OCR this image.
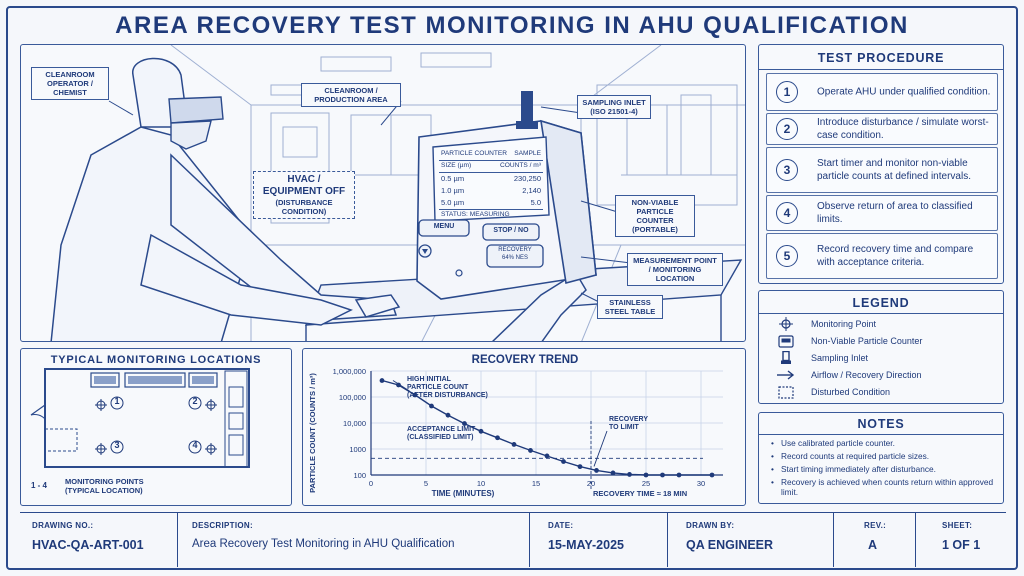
AREA RECOVERY TEST MONITORING IN AHU QUALIFICATION
CLEANROOM OPERATOR / CHEMIST	CLEANROOM / PRODUCTION AREA
HVAC / EQUIPMENT OFF
(DISTURBANCE CONDITION)
SAMPLING INLET (ISO 21501-4)
NON-VIABLE PARTICLE COUNTER (PORTABLE)
MEASUREMENT POINT / MONITORING LOCATION
STAINLESS STEEL TABLE
PARTICLE COUNTER SAMPLE
SIZE (µm)	COUNTS / m³
0.5 µm	230,250
1.0 µm	2,140
5.0 µm	5.0
STATUS: MEASURING
MENU
STOP / NO
RECOVERY
64% NES
TEST PROCEDURE
1	Operate AHU under qualified condition.
2	Introduce disturbance / simulate worst-case condition.
3	Start timer and monitor non-viable particle counts at defined intervals.
4	Observe return of area to classified limits.
5	Record recovery time and compare with acceptance criteria.
LEGEND
Monitoring Point
Non-Viable Particle Counter
Sampling Inlet
Airflow / Recovery Direction
Disturbed Condition
NOTES
• Use calibrated particle counter.
• Record counts at required particle sizes.
• Start timing immediately after disturbance.
• Recovery is achieved when counts return within approved limit.
TYPICAL MONITORING LOCATIONS
1	2
3	4
1 - 4 MONITORING POINTS
(TYPICAL LOCATION)
RECOVERY TREND
PARTICLE COUNT (COUNTS / m³)
TIME (MINUTES)
100
1000
10,000
100,000
1,000,000
0	5	10	15	20	25	30
HIGH INITIAL PARTICLE COUNT (AFTER DISTURBANCE)
ACCEPTANCE LIMIT (CLASSIFIED LIMIT)
RECOVERY TO LIMIT
RECOVERY TIME ≈ 18 MIN
DRAWING NO.:
HVAC-QA-ART-001
DESCRIPTION:
Area Recovery Test Monitoring in AHU Qualification
DATE:
15-MAY-2025
DRAWN BY:
QA ENGINEER
REV.:
A
SHEET:
1 OF 1
